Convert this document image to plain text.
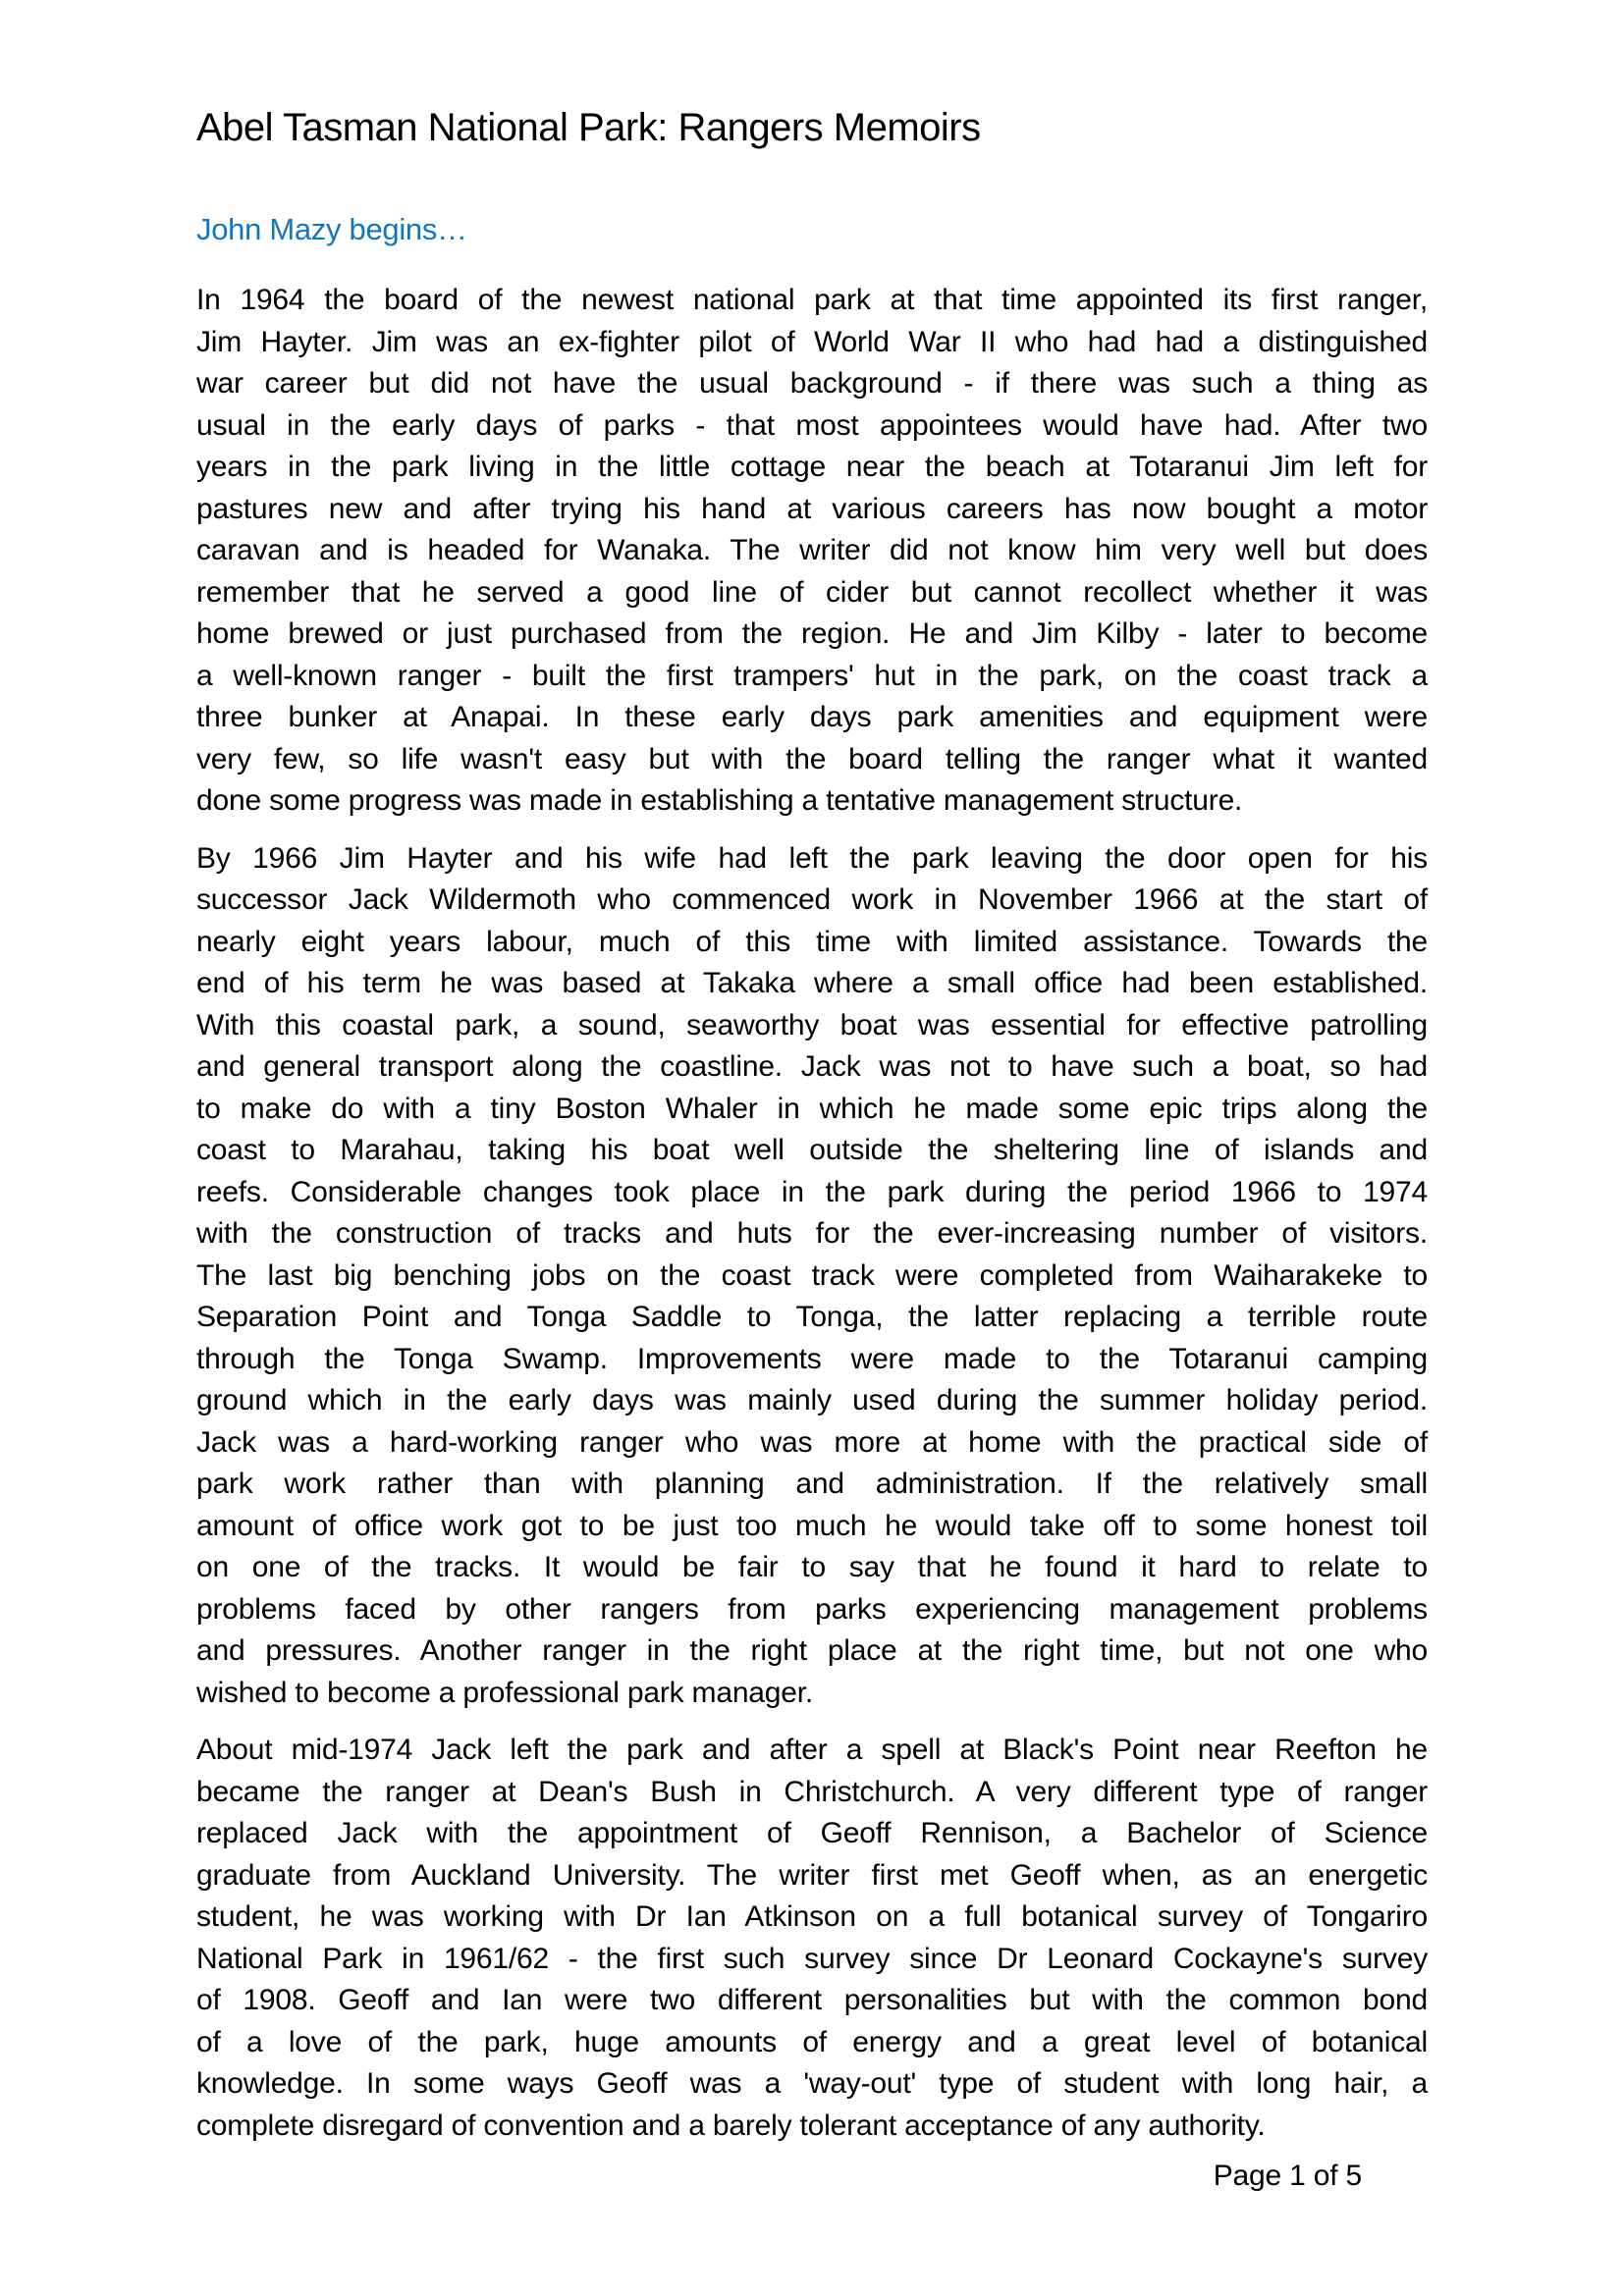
Abel Tasman National Park: Rangers Memoirs
John Mazy begins…
In 1964 the board of the newest national park at that time appointed its first ranger,
Jim Hayter. Jim was an ex-fighter pilot of World War II who had had a distinguished
war career but did not have the usual background - if there was such a thing as
usual in the early days of parks - that most appointees would have had. After two
years in the park living in the little cottage near the beach at Totaranui Jim left for
pastures new and after trying his hand at various careers has now bought a motor
caravan and is headed for Wanaka. The writer did not know him very well but does
remember that he served a good line of cider but cannot recollect whether it was
home brewed or just purchased from the region. He and Jim Kilby - later to become
a well-known ranger - built the first trampers' hut in the park, on the coast track a
three bunker at Anapai. In these early days park amenities and equipment were
very few, so life wasn't easy but with the board telling the ranger what it wanted
done some progress was made in establishing a tentative management structure.
By 1966 Jim Hayter and his wife had left the park leaving the door open for his
successor Jack Wildermoth who commenced work in November 1966 at the start of
nearly eight years labour, much of this time with limited assistance. Towards the
end of his term he was based at Takaka where a small office had been established.
With this coastal park, a sound, seaworthy boat was essential for effective patrolling
and general transport along the coastline. Jack was not to have such a boat, so had
to make do with a tiny Boston Whaler in which he made some epic trips along the
coast to Marahau, taking his boat well outside the sheltering line of islands and
reefs. Considerable changes took place in the park during the period 1966 to 1974
with the construction of tracks and huts for the ever-increasing number of visitors.
The last big benching jobs on the coast track were completed from Waiharakeke to
Separation Point and Tonga Saddle to Tonga, the latter replacing a terrible route
through the Tonga Swamp. Improvements were made to the Totaranui camping
ground which in the early days was mainly used during the summer holiday period.
Jack was a hard-working ranger who was more at home with the practical side of
park work rather than with planning and administration. If the relatively small
amount of office work got to be just too much he would take off to some honest toil
on one of the tracks. It would be fair to say that he found it hard to relate to
problems faced by other rangers from parks experiencing management problems
and pressures. Another ranger in the right place at the right time, but not one who
wished to become a professional park manager.
About mid-1974 Jack left the park and after a spell at Black's Point near Reefton he
became the ranger at Dean's Bush in Christchurch. A very different type of ranger
replaced Jack with the appointment of Geoff Rennison, a Bachelor of Science
graduate from Auckland University. The writer first met Geoff when, as an energetic
student, he was working with Dr Ian Atkinson on a full botanical survey of Tongariro
National Park in 1961/62 - the first such survey since Dr Leonard Cockayne's survey
of 1908. Geoff and Ian were two different personalities but with the common bond
of a love of the park, huge amounts of energy and a great level of botanical
knowledge. In some ways Geoff was a 'way-out' type of student with long hair, a
complete disregard of convention and a barely tolerant acceptance of any authority.
Page 1 of 5
